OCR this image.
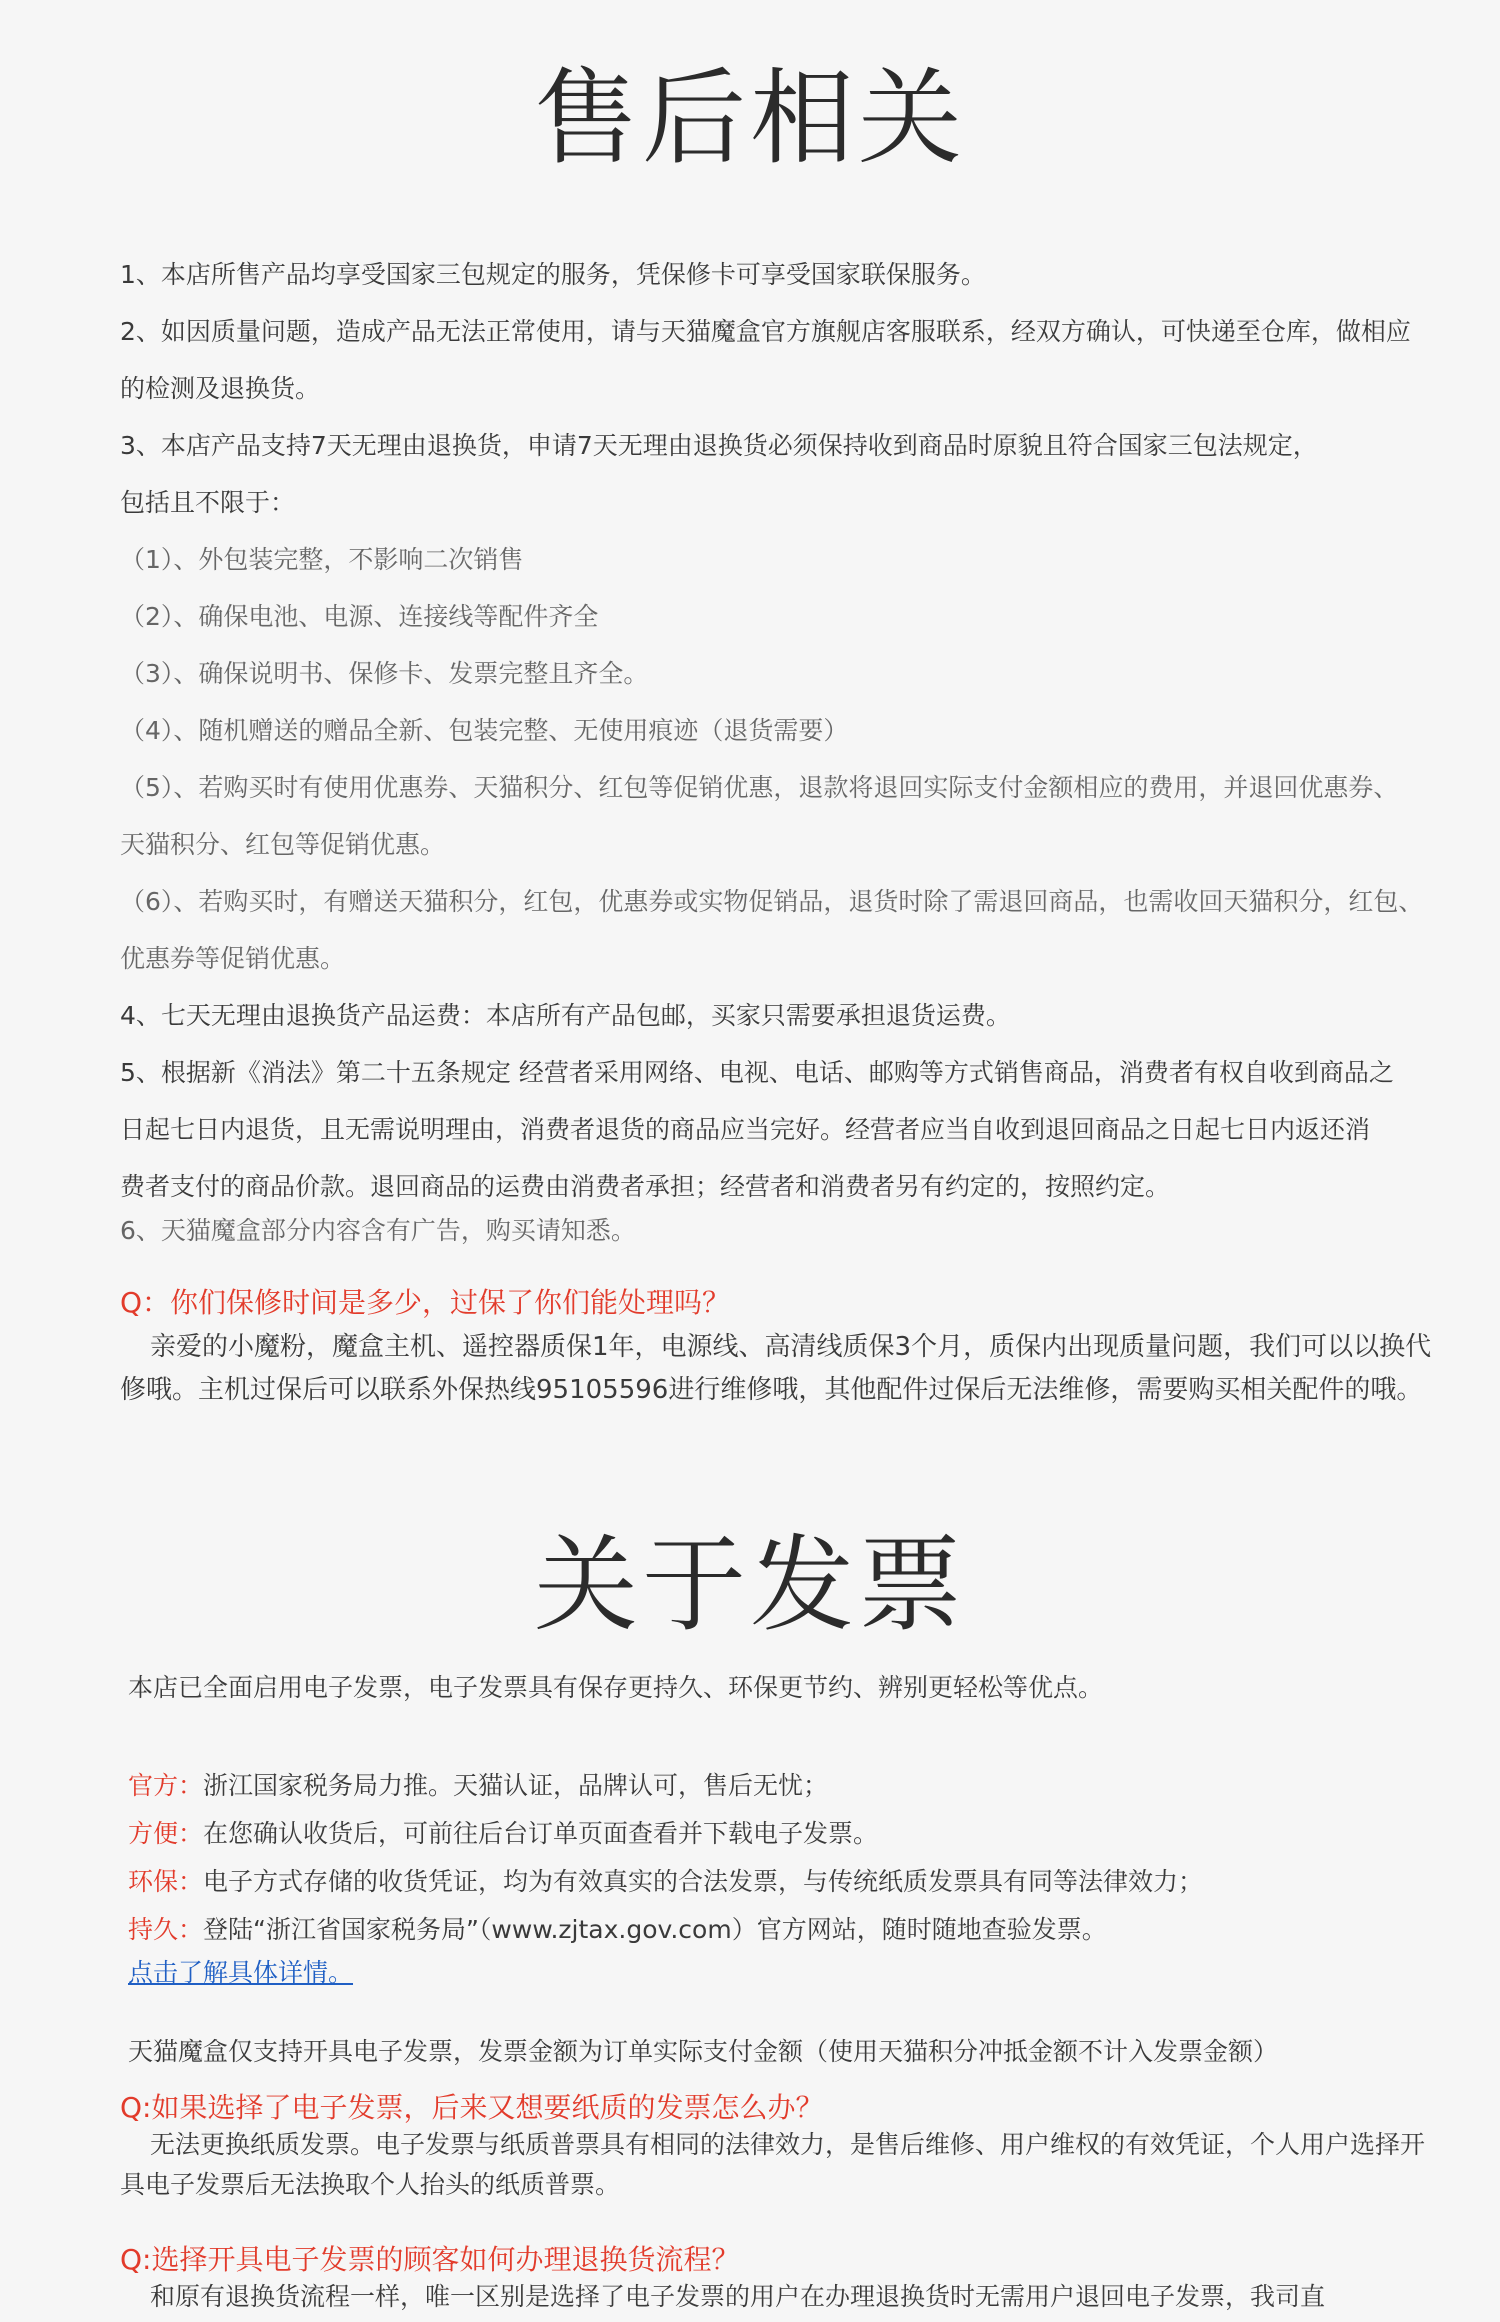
售后相关

1、本店所售产品均享受国家三包规定的服务，凭保修卡可享受国家联保服务。

2、如因质量问题，造成产品无法正常使用，请与天猫魔盒官方旗舰店客服联系，经双方确认，可快递至仓库，做相应

的检测及退换货。

3、本店产品支持7天无理由退换货，申请7天无理由退换货必须保持收到商品时原貌且符合国家三包法规定，

包括且不限于：

（1）、外包装完整，不影响二次销售

（2）、确保电池、电源、连接线等配件齐全

（3）、确保说明书、保修卡、发票完整且齐全。

（4）、随机赠送的赠品全新、包装完整、无使用痕迹（退货需要）

（5）、若购买时有使用优惠券、天猫积分、红包等促销优惠，退款将退回实际支付金额相应的费用，并退回优惠券、

天猫积分、红包等促销优惠。

（6）、若购买时，有赠送天猫积分，红包，优惠券或实物促销品，退货时除了需退回商品，也需收回天猫积分，红包、

优惠券等促销优惠。

4、七天无理由退换货产品运费：本店所有产品包邮，买家只需要承担退货运费。

5、根据新《消法》第二十五条规定 经营者采用网络、电视、电话、邮购等方式销售商品，消费者有权自收到商品之

日起七日内退货，且无需说明理由，消费者退货的商品应当完好。经营者应当自收到退回商品之日起七日内返还消

费者支付的商品价款。退回商品的运费由消费者承担；经营者和消费者另有约定的，按照约定。

6、天猫魔盒部分内容含有广告，购买请知悉。

Q：你们保修时间是多少，过保了你们能处理吗？

亲爱的小魔粉，魔盒主机、遥控器质保1年，电源线、高清线质保3个月，质保内出现质量问题，我们可以以换代修哦。主机过保后可以联系外保热线95105596进行维修哦，其他配件过保后无法维修，需要购买相关配件的哦。

关于发票

本店已全面启用电子发票，电子发票具有保存更持久、环保更节约、辨别更轻松等优点。

官方：浙江国家税务局力推。天猫认证，品牌认可，售后无忧；

方便：在您确认收货后，可前往后台订单页面查看并下载电子发票。

环保：电子方式存储的收货凭证，均为有效真实的合法发票，与传统纸质发票具有同等法律效力；

持久：登陆“浙江省国家税务局”（www.zjtax.gov.com）官方网站，随时随地查验发票。

点击了解具体详情。

天猫魔盒仅支持开具电子发票，发票金额为订单实际支付金额（使用天猫积分冲抵金额不计入发票金额）

Q:如果选择了电子发票，后来又想要纸质的发票怎么办？

无法更换纸质发票。电子发票与纸质普票具有相同的法律效力，是售后维修、用户维权的有效凭证，个人用户选择开具电子发票后无法换取个人抬头的纸质普票。

Q:选择开具电子发票的顾客如何办理退换货流程？

和原有退换货流程一样，唯一区别是选择了电子发票的用户在办理退换货时无需用户退回电子发票，我司直
